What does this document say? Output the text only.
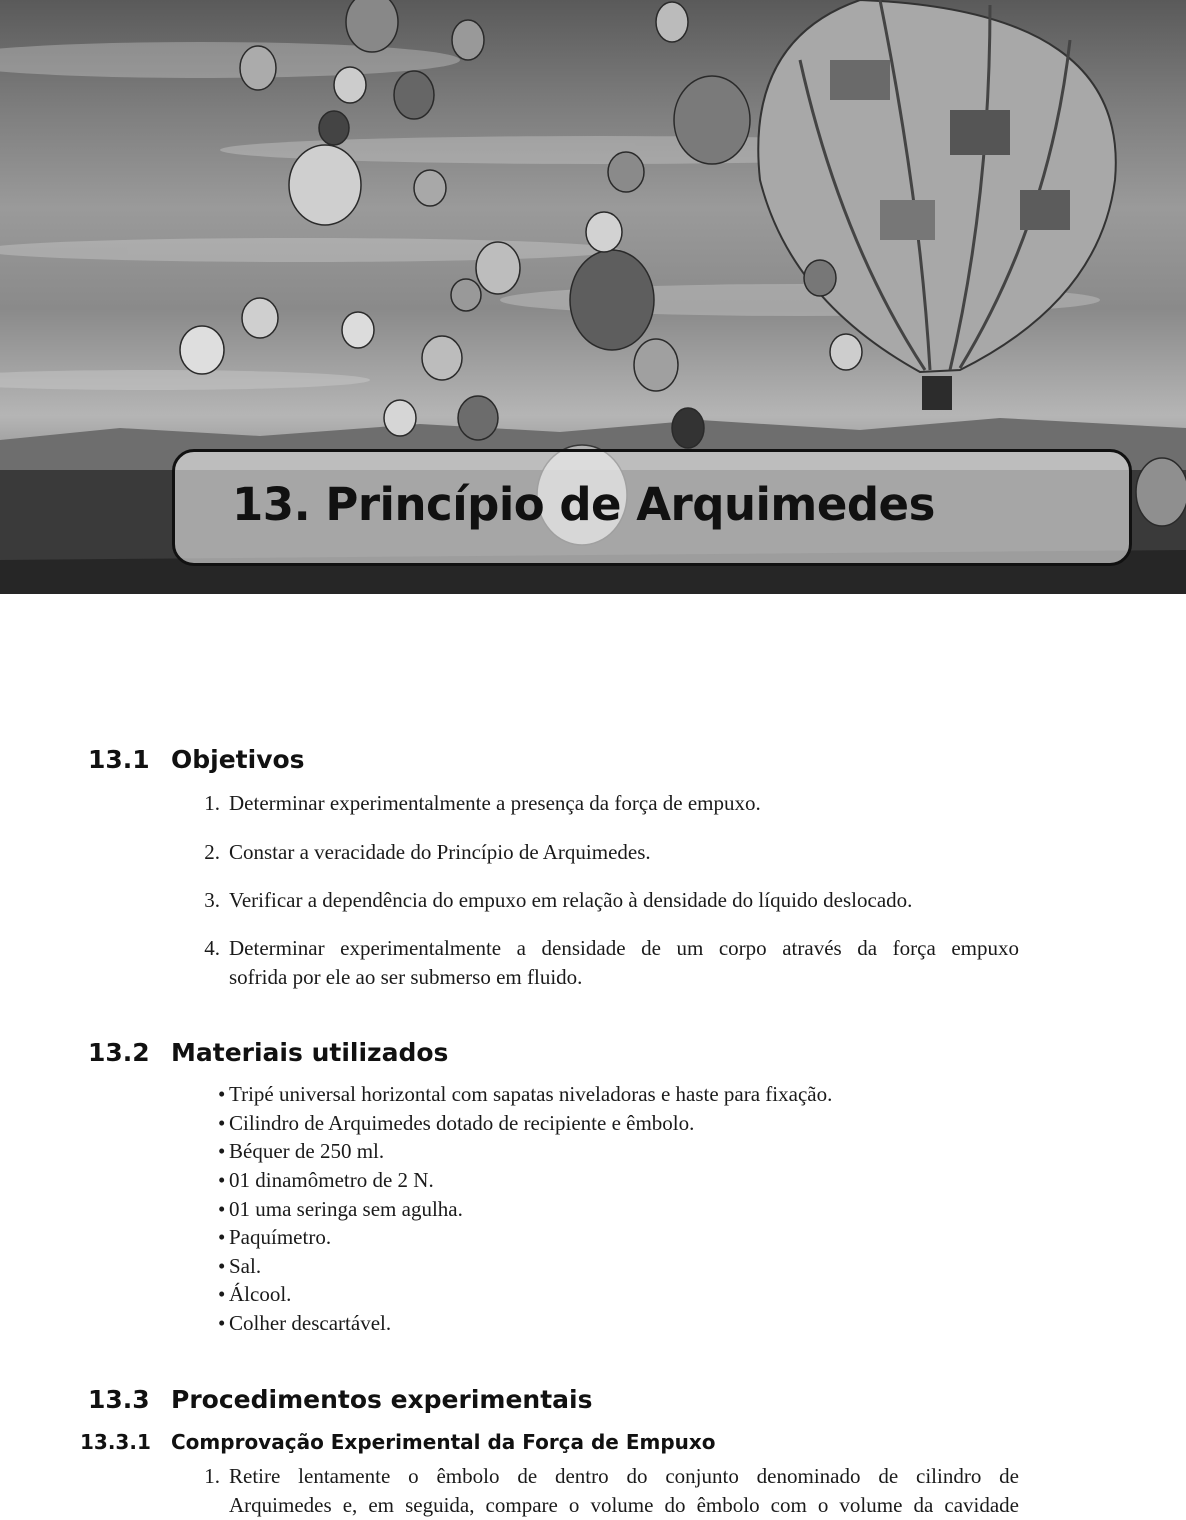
13. Princípio de Arquimedes
13.1 Objetivos
1. Determinar experimentalmente a presença da força de empuxo.
2. Constar a veracidade do Princípio de Arquimedes.
3. Verificar a dependência do empuxo em relação à densidade do líquido deslocado.
4. Determinar experimentalmente a densidade de um corpo através da força empuxo
sofrida por ele ao ser submerso em fluido.
13.2 Materiais utilizados
• Tripé universal horizontal com sapatas niveladoras e haste para fixação.
• Cilindro de Arquimedes dotado de recipiente e êmbolo.
• Béquer de 250 ml.
• 01 dinamômetro de 2 N.
• 01 uma seringa sem agulha.
• Paquímetro.
• Sal.
• Álcool.
• Colher descartável.
13.3 Procedimentos experimentais
13.3.1 Comprovação Experimental da Força de Empuxo
1. Retire lentamente o êmbolo de dentro do conjunto denominado de cilindro de
Arquimedes e, em seguida, compare o volume do êmbolo com o volume da cavidade
